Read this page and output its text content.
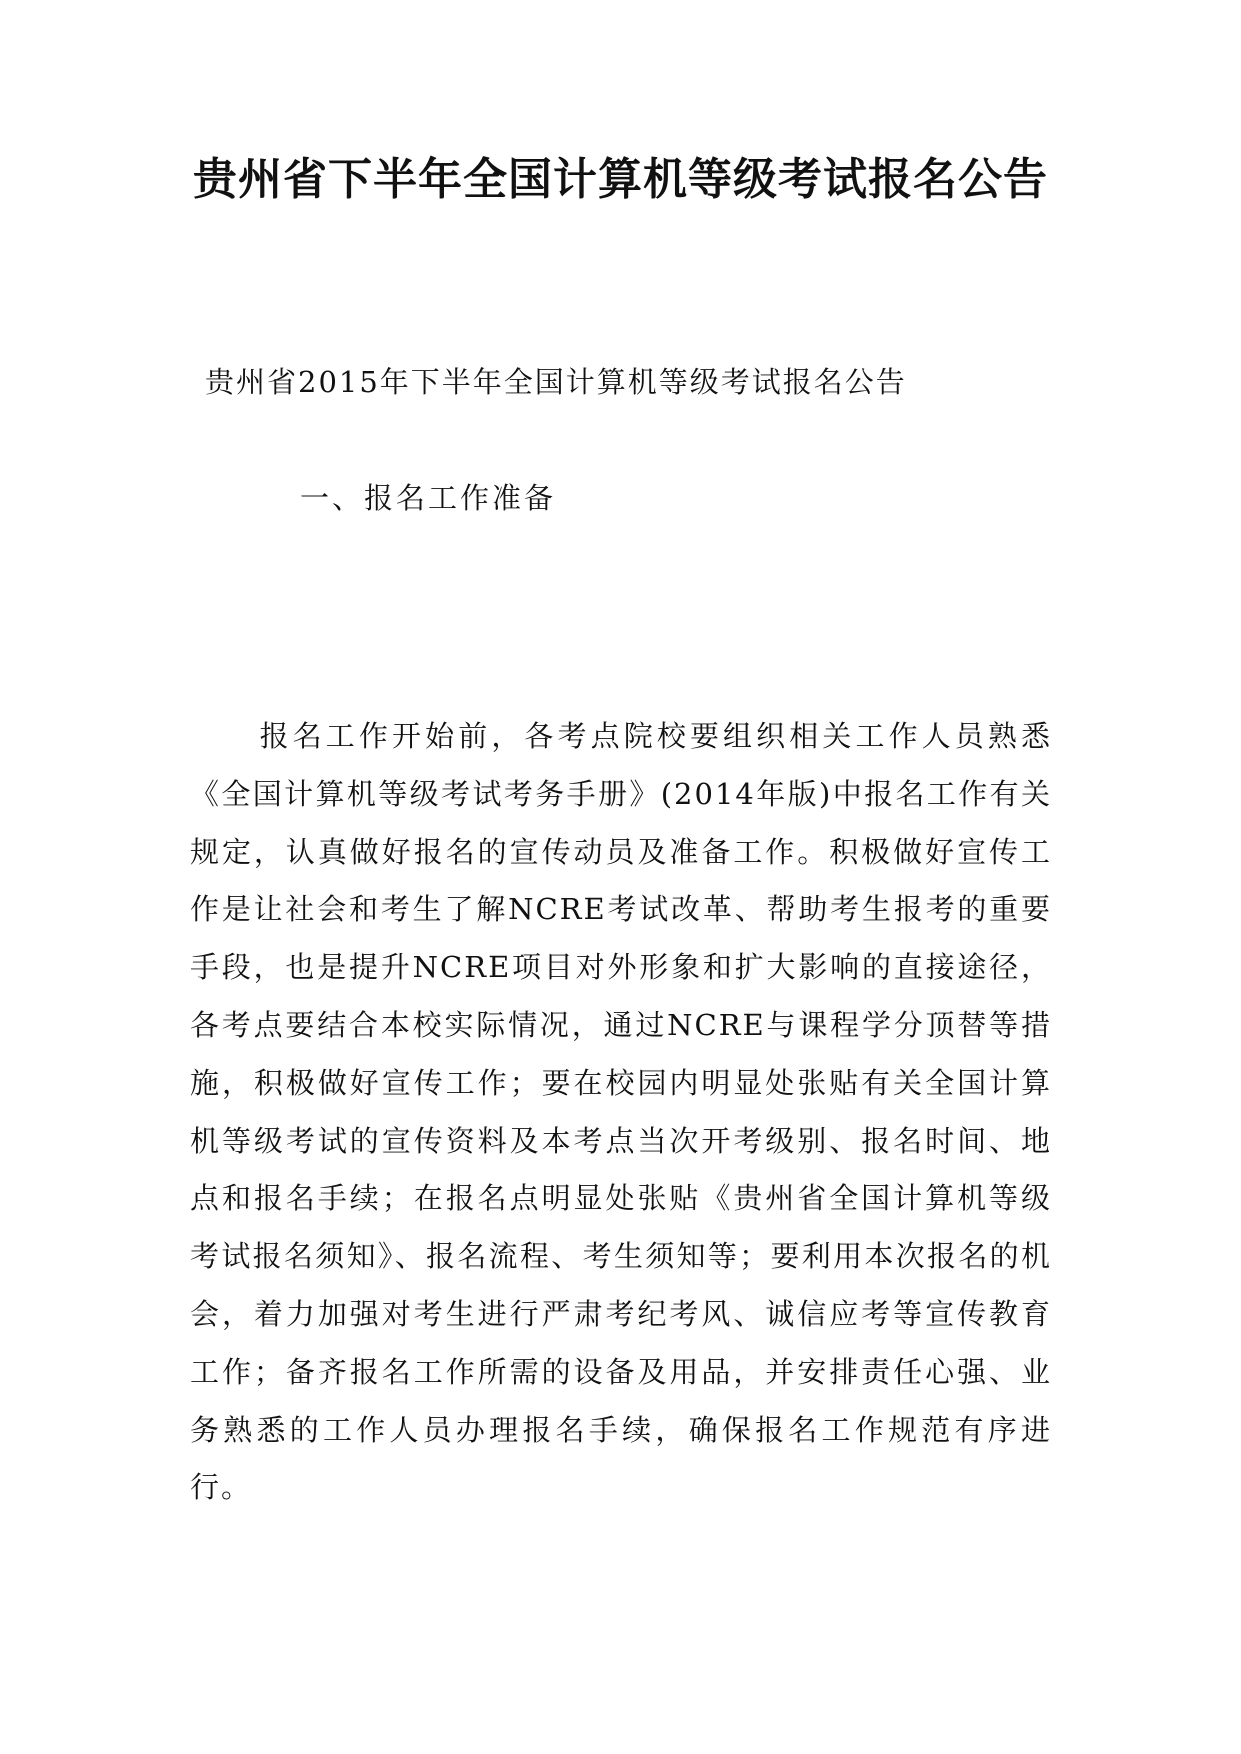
贵州省下半年全国计算机等级考试报名公告

贵州省2015年下半年全国计算机等级考试报名公告

一、报名工作准备

报名工作开始前，各考点院校要组织相关工作人员熟悉《全国计算机等级考试考务手册》(2014年版)中报名工作有关规定，认真做好报名的宣传动员及准备工作。积极做好宣传工作是让社会和考生了解NCRE考试改革、帮助考生报考的重要手段，也是提升NCRE项目对外形象和扩大影响的直接途径，各考点要结合本校实际情况，通过NCRE与课程学分顶替等措施，积极做好宣传工作；要在校园内明显处张贴有关全国计算机等级考试的宣传资料及本考点当次开考级别、报名时间、地点和报名手续；在报名点明显处张贴《贵州省全国计算机等级考试报名须知》、报名流程、考生须知等；要利用本次报名的机会，着力加强对考生进行严肃考纪考风、诚信应考等宣传教育工作；备齐报名工作所需的设备及用品，并安排责任心强、业务熟悉的工作人员办理报名手续，确保报名工作规范有序进行。
